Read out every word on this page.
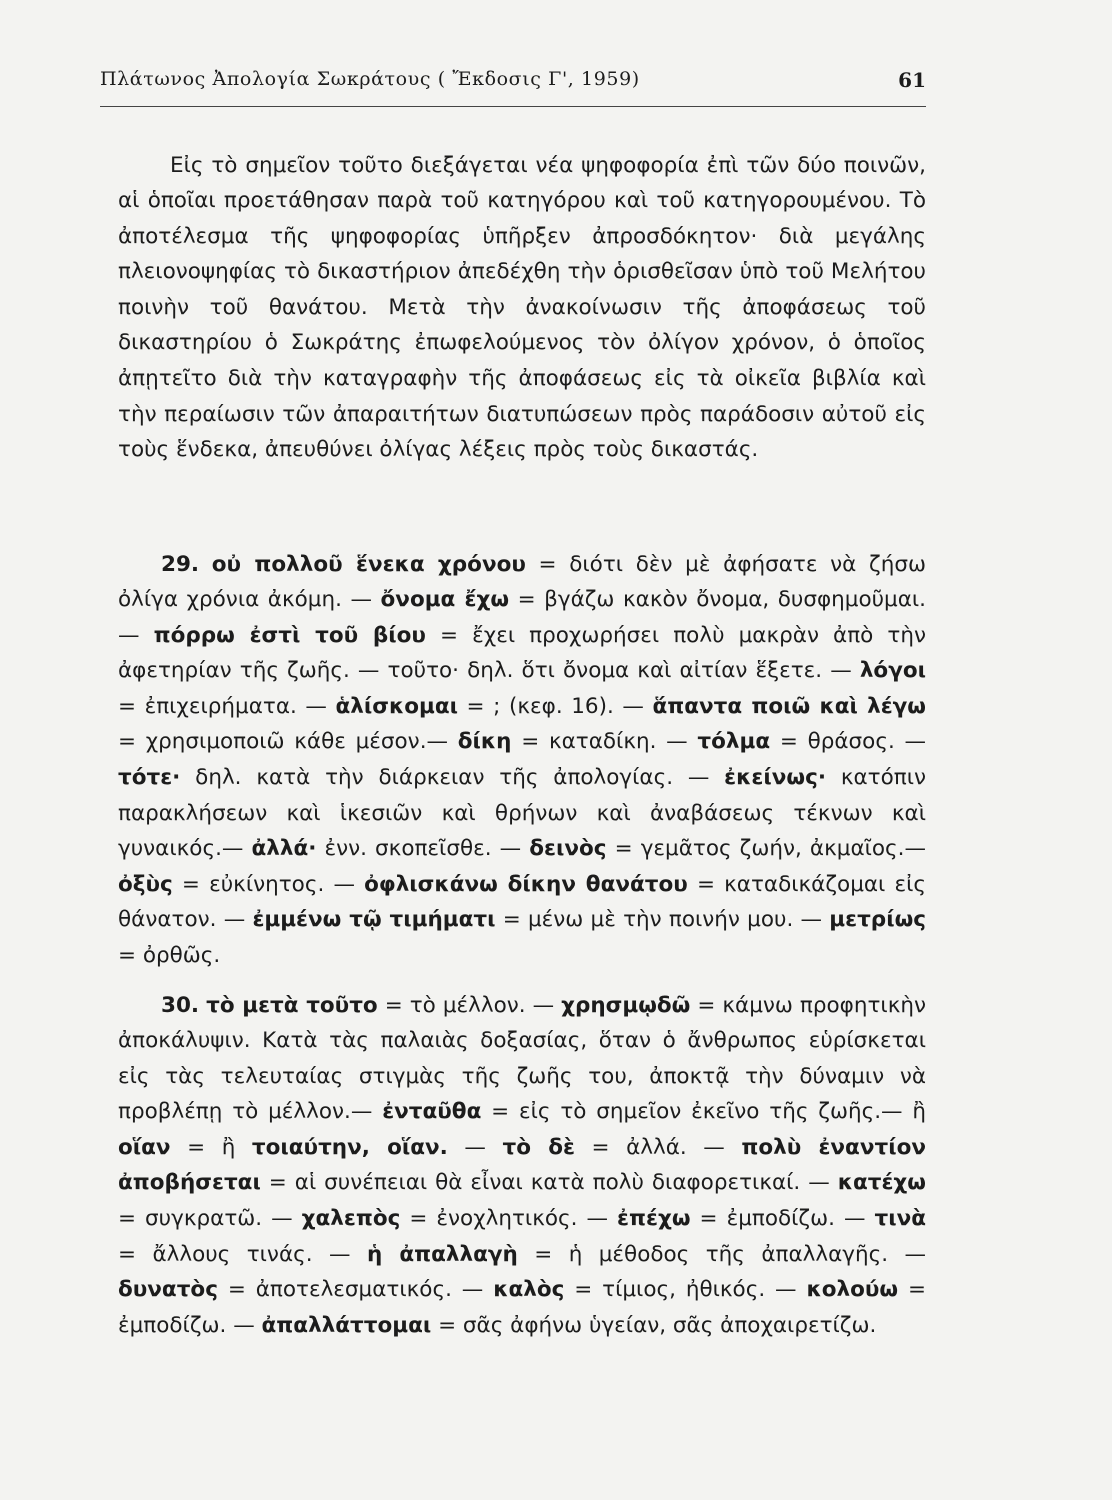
Πλάτωνος Ἀπολογία Σωκράτους ( Ἔκδοσις Γ', 1959)	61

Εἰς τὸ σημεῖον τοῦτο διεξάγεται νέα ψηφοφορία ἐπὶ τῶν δύο ποινῶν, αἱ ὁποῖαι προετάθησαν παρὰ τοῦ κατηγόρου καὶ τοῦ κατηγορουμένου. Τὸ ἀποτέλεσμα τῆς ψηφοφορίας ὑπῆρξεν ἀπροσδόκητον· διὰ μεγάλης πλειονοψηφίας τὸ δικαστήριον ἀπεδέχθη τὴν ὁρισθεῖσαν ὑπὸ τοῦ Μελήτου ποινὴν τοῦ θανάτου. Μετὰ τὴν ἀνακοίνωσιν τῆς ἀποφάσεως τοῦ δικαστηρίου ὁ Σωκράτης ἐπωφελούμενος τὸν ὀλίγον χρόνον, ὁ ὁποῖος ἀπῃτεῖτο διὰ τὴν καταγραφὴν τῆς ἀποφάσεως εἰς τὰ οἰκεῖα βιβλία καὶ τὴν περαίωσιν τῶν ἀπαραιτήτων διατυπώσεων πρὸς παράδοσιν αὐτοῦ εἰς τοὺς ἕνδεκα, ἀπευθύνει ὀλίγας λέξεις πρὸς τοὺς δικαστάς.

29. οὐ πολλοῦ ἕνεκα χρόνου = διότι δὲν μὲ ἀφήσατε νὰ ζήσω ὀλίγα χρόνια ἀκόμη. — ὄνομα ἔχω = βγάζω κακὸν ὄνομα, δυσφημοῦμαι. — πόρρω ἐστὶ τοῦ βίου = ἔχει προχωρήσει πολὺ μακρὰν ἀπὸ τὴν ἀφετηρίαν τῆς ζωῆς. — τοῦτο· δηλ. ὅτι ὄνομα καὶ αἰτίαν ἕξετε. — λόγοι = ἐπιχειρήματα. — ἁλίσκομαι = ; (κεφ. 16). — ἅπαντα ποιῶ καὶ λέγω = χρησιμοποιῶ κάθε μέσον.— δίκη = καταδίκη. — τόλμα = θράσος. — τότε· δηλ. κατὰ τὴν διάρκειαν τῆς ἀπολογίας. — ἐκείνως· κατόπιν παρακλήσεων καὶ ἱκεσιῶν καὶ θρήνων καὶ ἀναβάσεως τέκνων καὶ γυναικός.— ἀλλά· ἐνν. σκοπεῖσθε. — δεινὸς = γεμᾶτος ζωήν, ἀκμαῖος.— ὀξὺς = εὐκίνητος. — ὀφλισκάνω δίκην θανάτου = καταδικάζομαι εἰς θάνατον. — ἐμμένω τῷ τιμήματι = μένω μὲ τὴν ποινήν μου. — μετρίως = ὀρθῶς.

30. τὸ μετὰ τοῦτο = τὸ μέλλον. — χρησμῳδῶ = κάμνω προφητικὴν ἀποκάλυψιν. Κατὰ τὰς παλαιὰς δοξασίας, ὅταν ὁ ἄνθρωπος εὑρίσκεται εἰς τὰς τελευταίας στιγμὰς τῆς ζωῆς του, ἀποκτᾷ τὴν δύναμιν νὰ προβλέπῃ τὸ μέλλον.— ἐνταῦθα = εἰς τὸ σημεῖον ἐκεῖνο τῆς ζωῆς.— ἢ οἵαν = ἢ τοιαύτην, οἵαν. — τὸ δὲ = ἀλλά. — πολὺ ἐναντίον ἀποβήσεται = αἱ συνέπειαι θὰ εἶναι κατὰ πολὺ διαφορετικαί. — κατέχω = συγκρατῶ. — χαλεπὸς = ἐνοχλητικός. — ἐπέχω = ἐμποδίζω. — τινὰ = ἄλλους τινάς. — ἡ ἀπαλλαγὴ = ἡ μέθοδος τῆς ἀπαλλαγῆς. — δυνατὸς = ἀποτελεσματικός. — καλὸς = τίμιος, ἠθικός. — κολούω = ἐμποδίζω. — ἀπαλλάττομαι = σᾶς ἀφήνω ὑγείαν, σᾶς ἀποχαιρετίζω.
